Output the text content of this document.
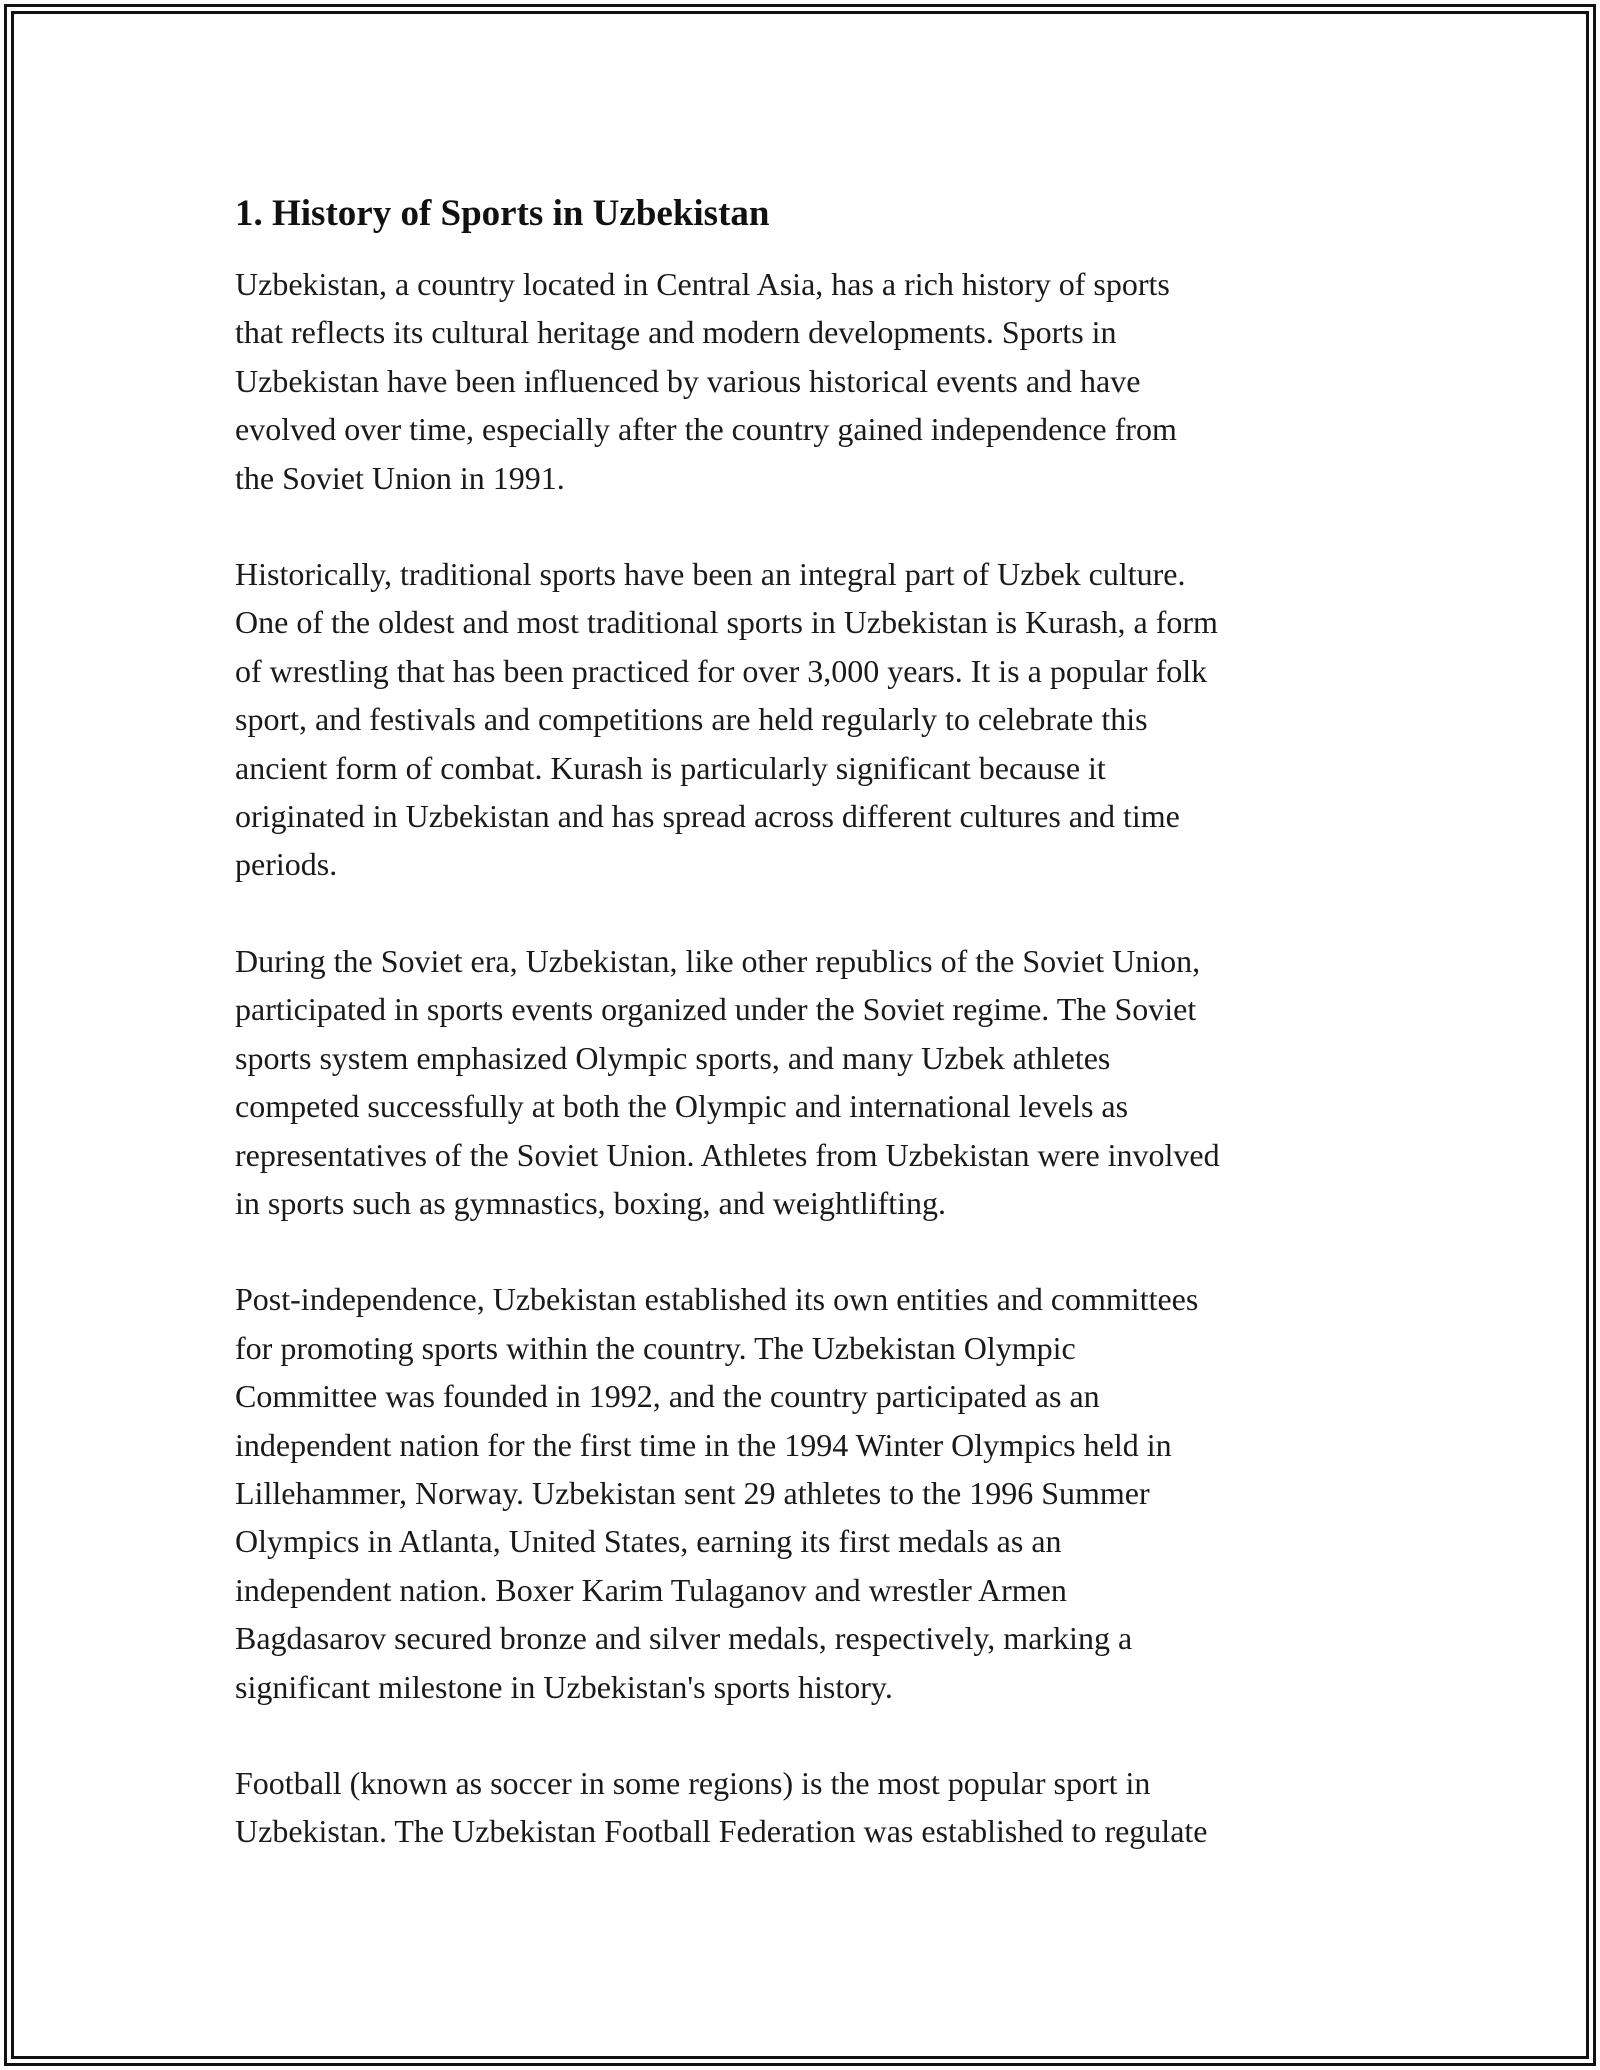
1. History of Sports in Uzbekistan

Uzbekistan, a country located in Central Asia, has a rich history of sports
that reflects its cultural heritage and modern developments. Sports in
Uzbekistan have been influenced by various historical events and have
evolved over time, especially after the country gained independence from
the Soviet Union in 1991.

Historically, traditional sports have been an integral part of Uzbek culture.
One of the oldest and most traditional sports in Uzbekistan is Kurash, a form
of wrestling that has been practiced for over 3,000 years. It is a popular folk
sport, and festivals and competitions are held regularly to celebrate this
ancient form of combat. Kurash is particularly significant because it
originated in Uzbekistan and has spread across different cultures and time
periods.

During the Soviet era, Uzbekistan, like other republics of the Soviet Union,
participated in sports events organized under the Soviet regime. The Soviet
sports system emphasized Olympic sports, and many Uzbek athletes
competed successfully at both the Olympic and international levels as
representatives of the Soviet Union. Athletes from Uzbekistan were involved
in sports such as gymnastics, boxing, and weightlifting.

Post-independence, Uzbekistan established its own entities and committees
for promoting sports within the country. The Uzbekistan Olympic
Committee was founded in 1992, and the country participated as an
independent nation for the first time in the 1994 Winter Olympics held in
Lillehammer, Norway. Uzbekistan sent 29 athletes to the 1996 Summer
Olympics in Atlanta, United States, earning its first medals as an
independent nation. Boxer Karim Tulaganov and wrestler Armen
Bagdasarov secured bronze and silver medals, respectively, marking a
significant milestone in Uzbekistan's sports history.

Football (known as soccer in some regions) is the most popular sport in
Uzbekistan. The Uzbekistan Football Federation was established to regulate
